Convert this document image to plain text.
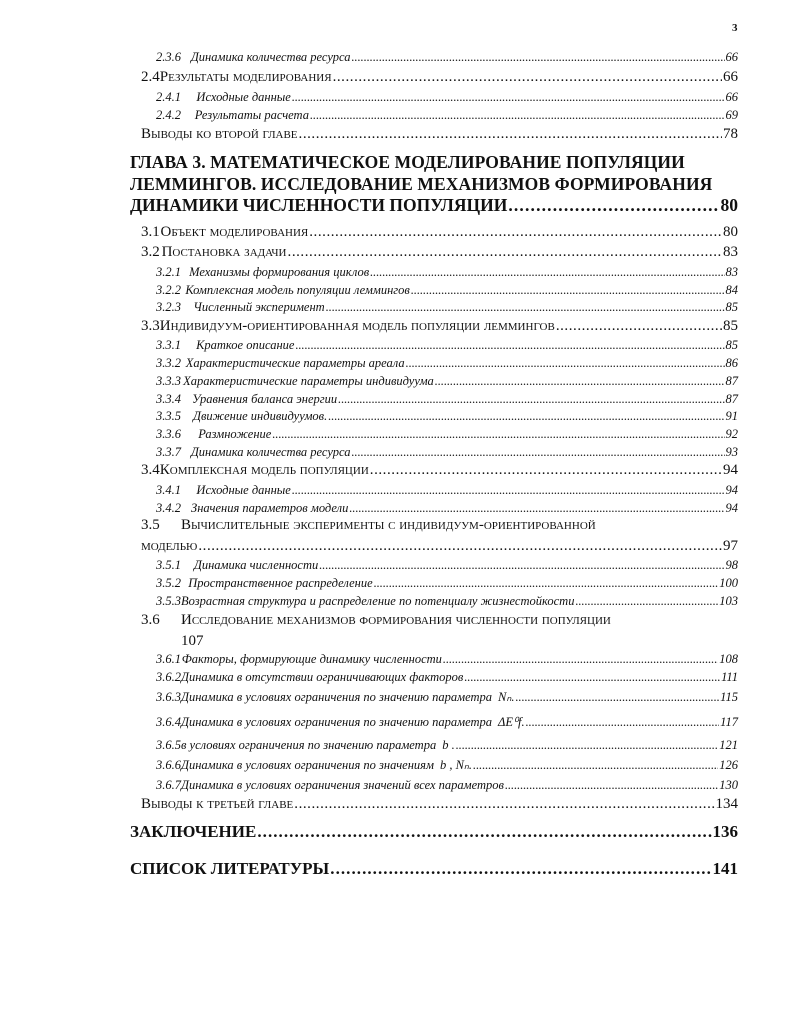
3
2.3.6 Динамика количества ресурса . . .	66
2.4 Результаты моделирования . . .	66
2.4.1	Исходные данные . . .	66
2.4.2	Результаты расчета . . .	69
Выводы ко второй главе . . .	78
ГЛАВА 3. МАТЕМАТИЧЕСКОЕ МОДЕЛИРОВАНИЕ ПОПУЛЯЦИИ
ЛЕММИНГОВ. ИССЛЕДОВАНИЕ МЕХАНИЗМОВ ФОРМИРОВАНИЯ
ДИНАМИКИ ЧИСЛЕННОСТИ ПОПУЛЯЦИИ . . .	80
3.1 Объект моделирования . . .	80
3.2 Постановка задачи . . .	83
3.2.1 Механизмы формирования циклов . . .	83
3.2.2 Комплексная модель популяции леммингов . . .	84
3.2.3 Численный эксперимент . . .	85
3.3 Индивидуум-ориентированная модель популяции леммингов . . .	85
3.3.1	Краткое описание . . .	85
3.3.2 Характеристические параметры ареала . . .	86
3.3.3 Характеристические параметры индивидуума . . .	87
3.3.4 Уравнения баланса энергии . . .	87
3.3.5 Движение индивидуумов. . . .	91
3.3.6	Размножение . . .	92
3.3.7 Динамика количества ресурса . . .	93
3.4 Комплексная модель популяции . . .	94
3.4.1	Исходные данные . . .	94
3.4.2 Значения параметров модели . . .	94
3.5 Вычислительные эксперименты с индивидуум-ориентированной
моделью . . .	97
3.5.1	Динамика численности . . .	98
3.5.2 Пространственное распределение . . .	100
3.5.3 Возрастная структура и распределение по потенциалу жизнестойкости . . .	103
3.6 Исследование механизмов формирования численности популяции
107
3.6.1 Факторы, формирующие динамику численности . . .	108
3.6.2 Динамика в отсутствии ограничивающих факторов . . .	111
3.6.3 Динамика в условиях ограничения по значению параметра Nₙ. . . .	115
3.6.4 Динамика в условиях ограничения по значению параметра ΔE⁰f. . . .	117
3.6.5 в условиях ограничения по значению параметра b . . . .	121
3.6.6 Динамика в условиях ограничения по значениям b , Nₙ. . . .	126
3.6.7 Динамика в условиях ограничения значений всех параметров . . .	130
Выводы к третьей главе . . .	134
ЗАКЛЮЧЕНИЕ . . .	136
СПИСОК ЛИТЕРАТУРЫ . . .	141
